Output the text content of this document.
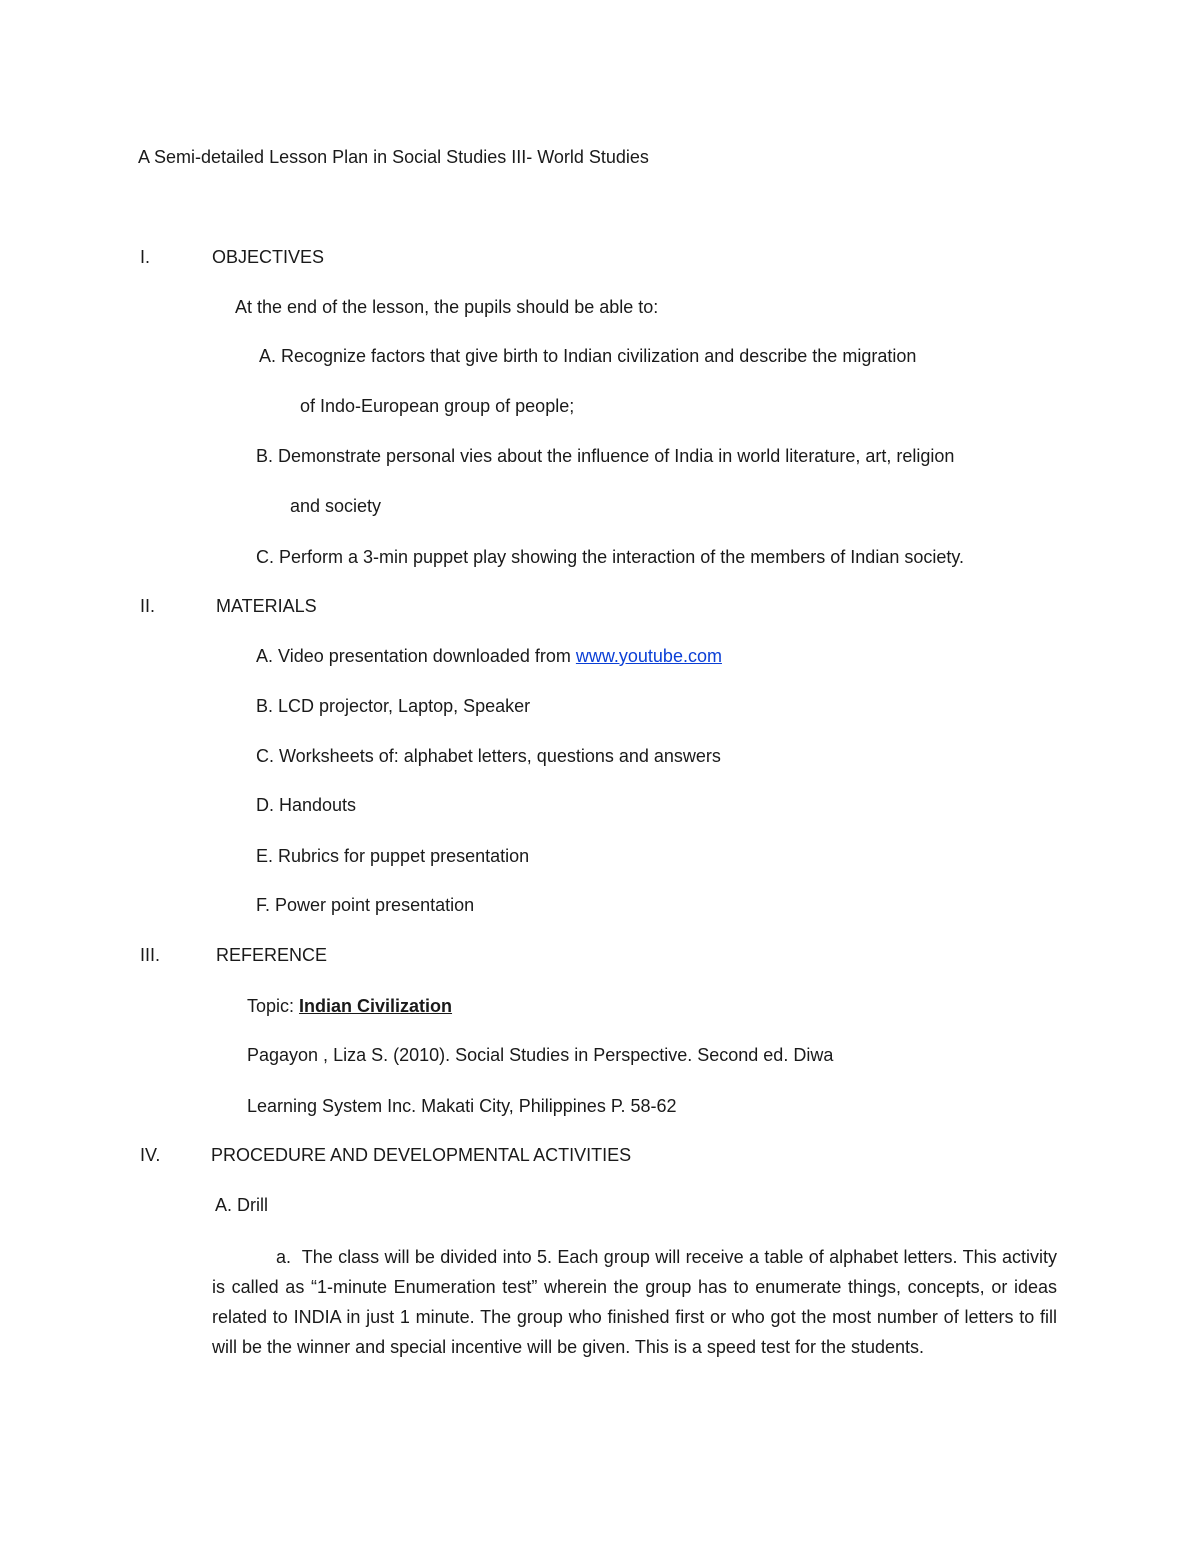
A Semi-detailed Lesson Plan in Social Studies III- World Studies
I.	OBJECTIVES
At the end of the lesson, the pupils should be able to:
A. Recognize factors that give birth to Indian civilization and describe the migration
of Indo-European group of people;
B. Demonstrate personal vies about the influence of India in world literature, art, religion
and society
C. Perform a 3-min puppet play showing the interaction of the members of Indian society.
II.	MATERIALS
A. Video presentation downloaded from www.youtube.com
B. LCD projector, Laptop, Speaker
C. Worksheets of: alphabet letters, questions and answers
D. Handouts
E. Rubrics for puppet presentation
F. Power point presentation
III.	REFERENCE
Topic: Indian Civilization
Pagayon , Liza S. (2010). Social Studies in Perspective. Second ed. Diwa
Learning System Inc. Makati City, Philippines P. 58-62
IV.	PROCEDURE AND DEVELOPMENTAL ACTIVITIES
A. Drill
a. The class will be divided into 5. Each group will receive a table of alphabet letters. This activity is called as “1-minute Enumeration test” wherein the group has to enumerate things, concepts, or ideas related to INDIA in just 1 minute. The group who finished first or who got the most number of letters to fill will be the winner and special incentive will be given. This is a speed test for the students.
